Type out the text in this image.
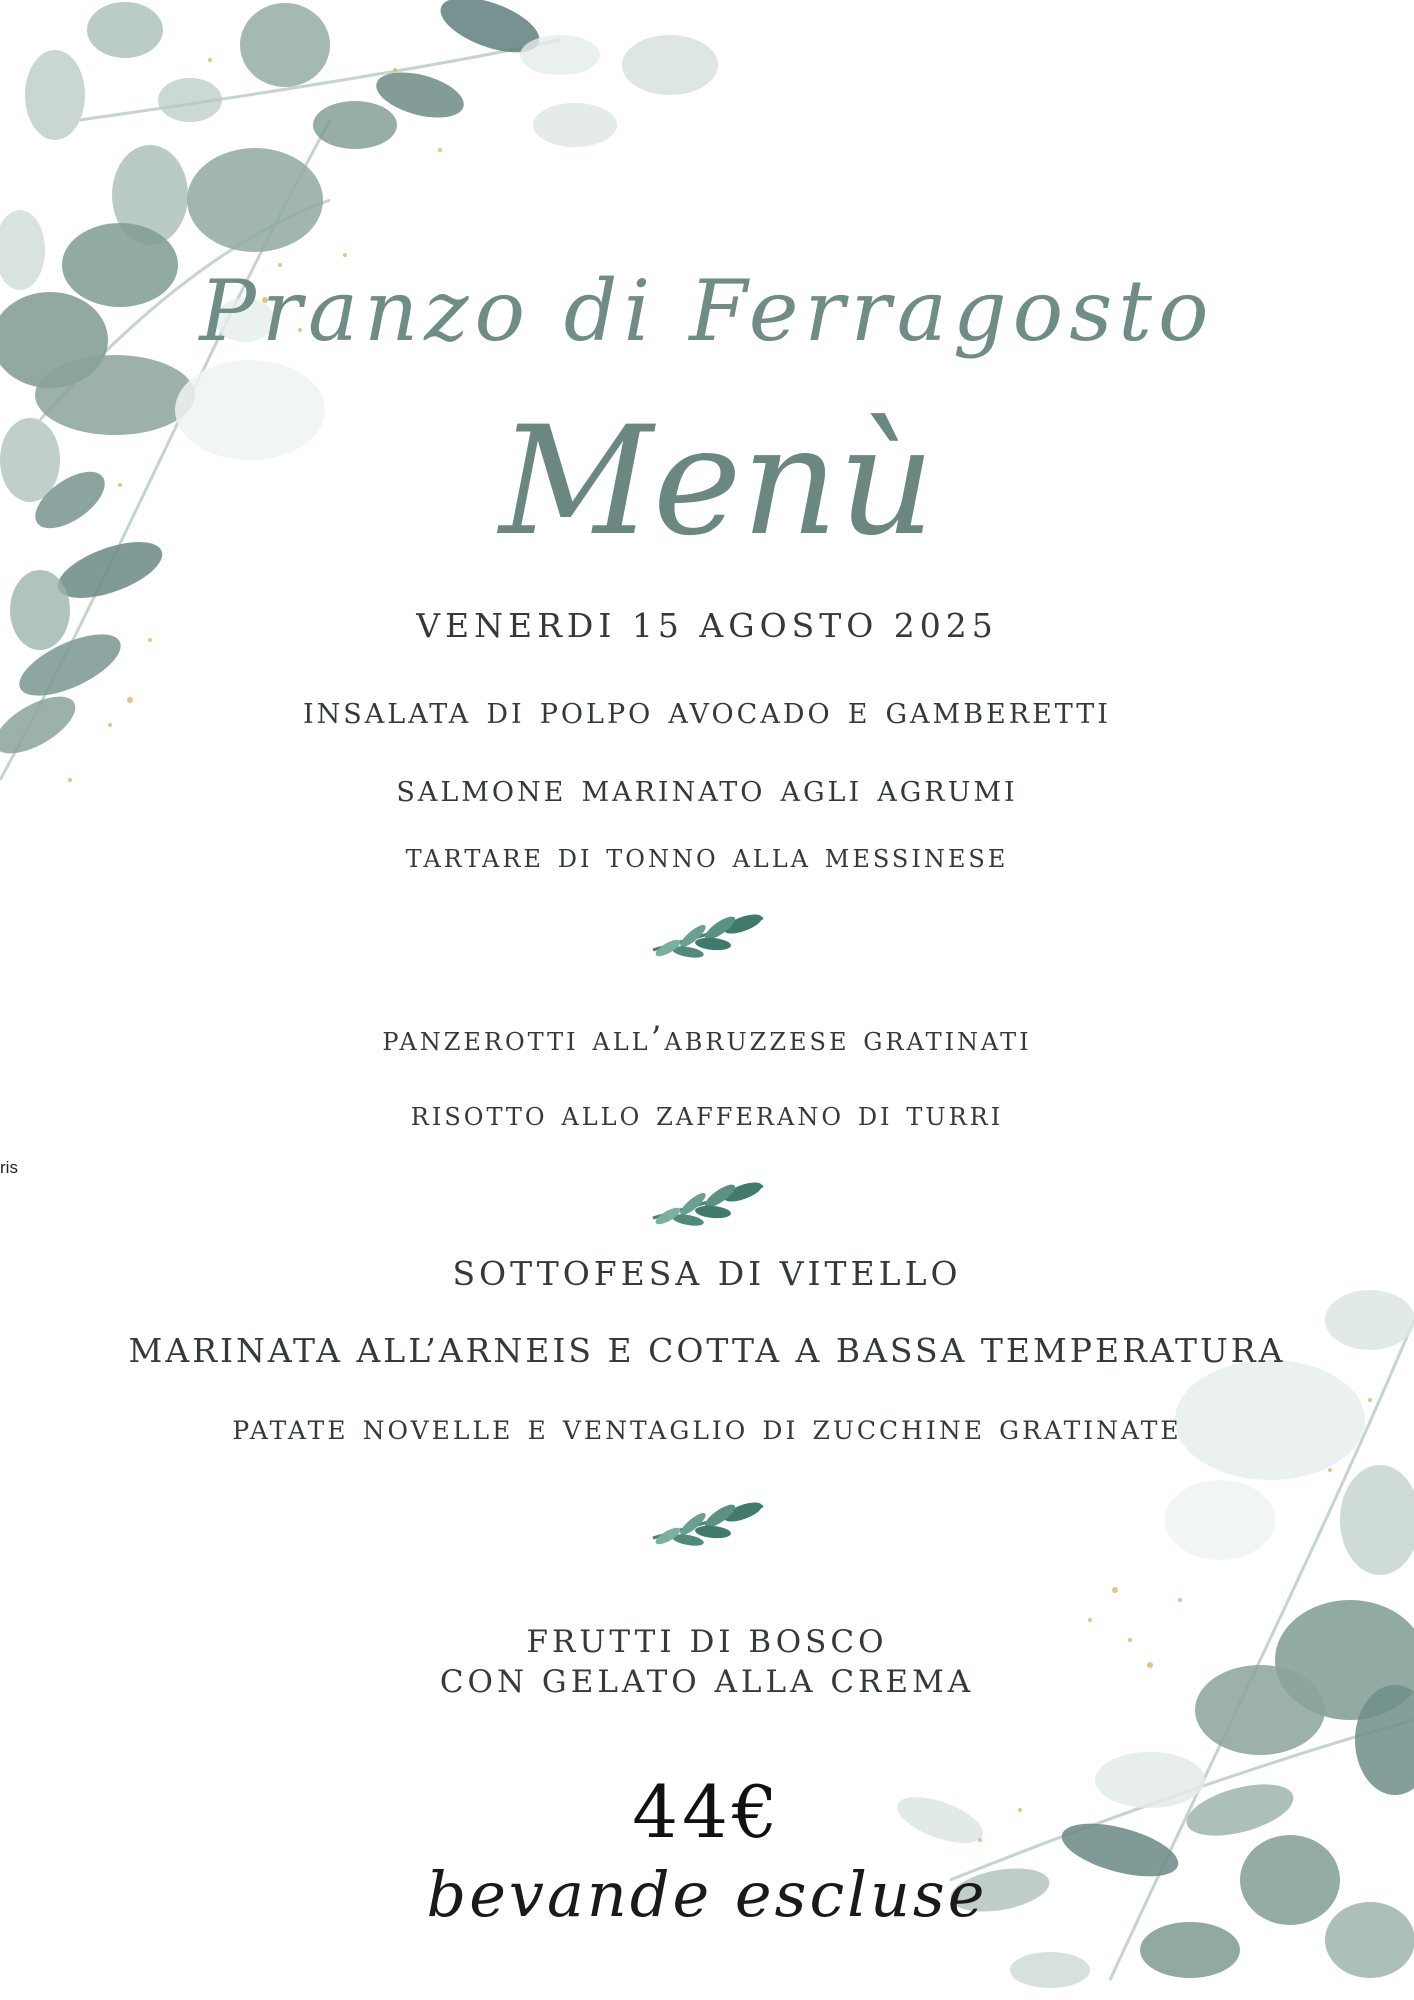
Pranzo di Ferragosto
Menù
VENERDI 15 AGOSTO 2025
insalata di polpo avocado e gamberetti
salmone marinato agli agrumi
tartare di tonno alla messinese
panzerotti all’abruzzese gratinati
risotto allo zafferano di turri
SOTTOFESA DI VITELLO
MARINATA ALL’ARNEIS E COTTA A BASSA TEMPERATURA
patate novelle e ventaglio di zucchine gratinate
FRUTTI DI BOSCO
CON GELATO ALLA CREMA
44€
bevande escluse
ris
